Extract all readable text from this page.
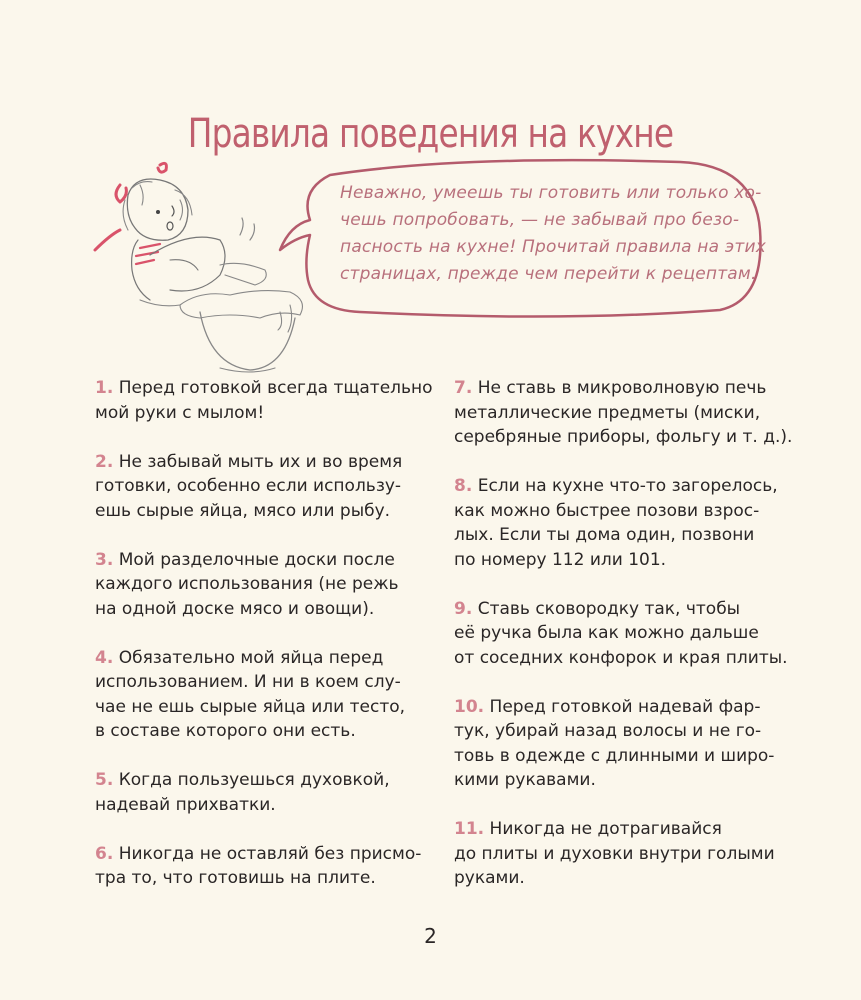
Правила поведения на кухне
Неважно, умеешь ты готовить или только хо-
чешь попробовать, — не забывай про безо-
пасность на кухне! Прочитай правила на этих
страницах, прежде чем перейти к рецептам.
1. Перед готовкой всегда тщательно
мой руки с мылом!
2. Не забывай мыть их и во время
готовки, особенно если использу-
ешь сырые яйца, мясо или рыбу.
3. Мой разделочные доски после
каждого использования (не режь
на одной доске мясо и овощи).
4. Обязательно мой яйца перед
использованием. И ни в коем слу-
чае не ешь сырые яйца или тесто,
в составе которого они есть.
5. Когда пользуешься духовкой,
надевай прихватки.
6. Никогда не оставляй без присмо-
тра то, что готовишь на плите.
7. Не ставь в микроволновую печь
металлические предметы (миски,
серебряные приборы, фольгу и т. д.).
8. Если на кухне что-то загорелось,
как можно быстрее позови взрос-
лых. Если ты дома один, позвони
по номеру 112 или 101.
9. Ставь сковородку так, чтобы
её ручка была как можно дальше
от соседних конфорок и края плиты.
10. Перед готовкой надевай фар-
тук, убирай назад волосы и не го-
товь в одежде с длинными и широ-
кими рукавами.
11. Никогда не дотрагивайся
до плиты и духовки внутри голыми
руками.
2
